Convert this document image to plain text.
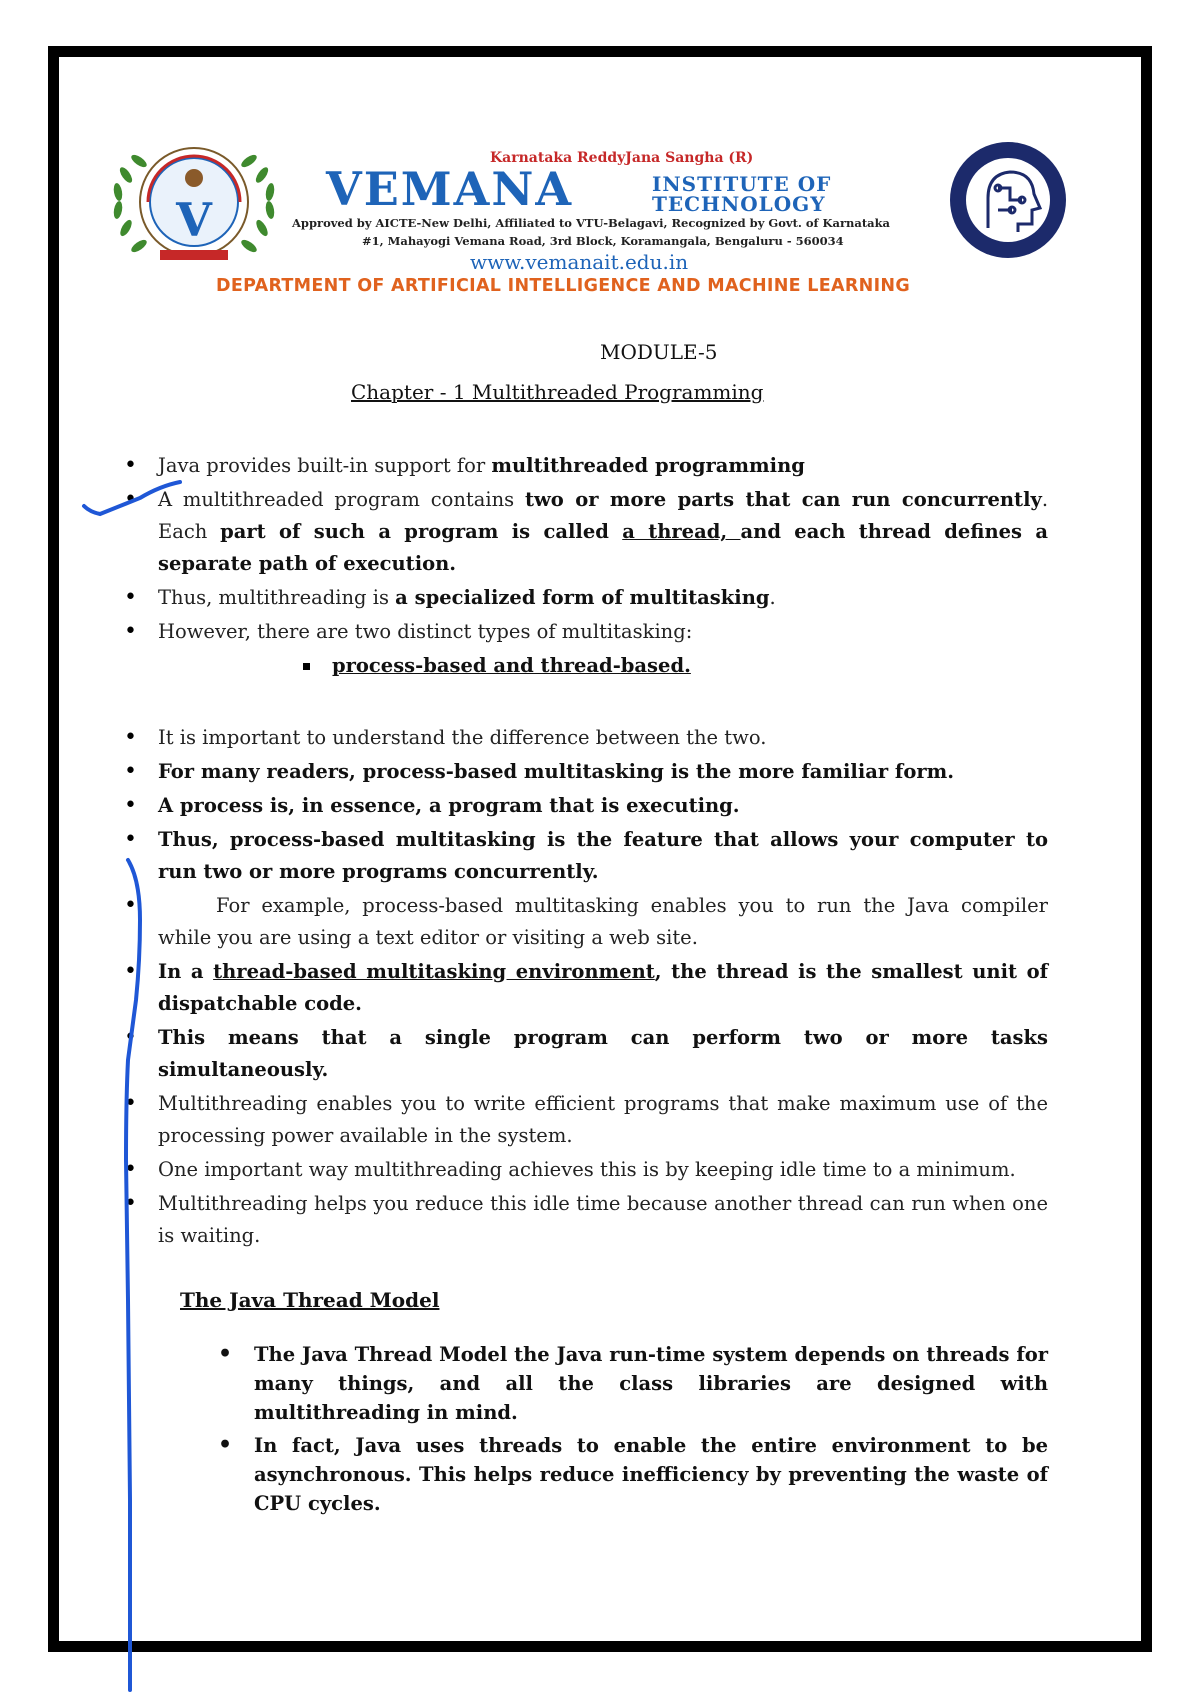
V
Karnataka ReddyJana Sangha (R)
VEMANA	INSTITUTE OF
TECHNOLOGY
Approved by AICTE-New Delhi, Affiliated to VTU-Belagavi, Recognized by Govt. of Karnataka
#1, Mahayogi Vemana Road, 3rd Block, Koramangala, Bengaluru - 560034
www.vemanait.edu.in
DEPARTMENT OF ARTIFICIAL INTELLIGENCE AND MACHINE LEARNING
MODULE-5
Chapter - 1 Multithreaded Programming
• Java provides built-in support for multithreaded programming
• A multithreaded program contains two or more parts that can run concurrently. Each part of such a program is called a thread, and each thread defines a separate path of execution.
• Thus, multithreading is a specialized form of multitasking.
• However, there are two distinct types of multitasking:
process-based and thread-based.
• It is important to understand the difference between the two.
• For many readers, process-based multitasking is the more familiar form.
• A process is, in essence, a program that is executing.
• Thus, process-based multitasking is the feature that allows your computer to run two or more programs concurrently.
• For example, process-based multitasking enables you to run the Java compiler while you are using a text editor or visiting a web site.
• In a thread-based multitasking environment, the thread is the smallest unit of dispatchable code.
• This means that a single program can perform two or more tasks simultaneously.
• Multithreading enables you to write efficient programs that make maximum use of the processing power available in the system.
• One important way multithreading achieves this is by keeping idle time to a minimum.
• Multithreading helps you reduce this idle time because another thread can run when one is waiting.
The Java Thread Model
• The Java Thread Model the Java run-time system depends on threads for many things, and all the class libraries are designed with multithreading in mind.
• In fact, Java uses threads to enable the entire environment to be asynchronous. This helps reduce inefficiency by preventing the waste of CPU cycles.
